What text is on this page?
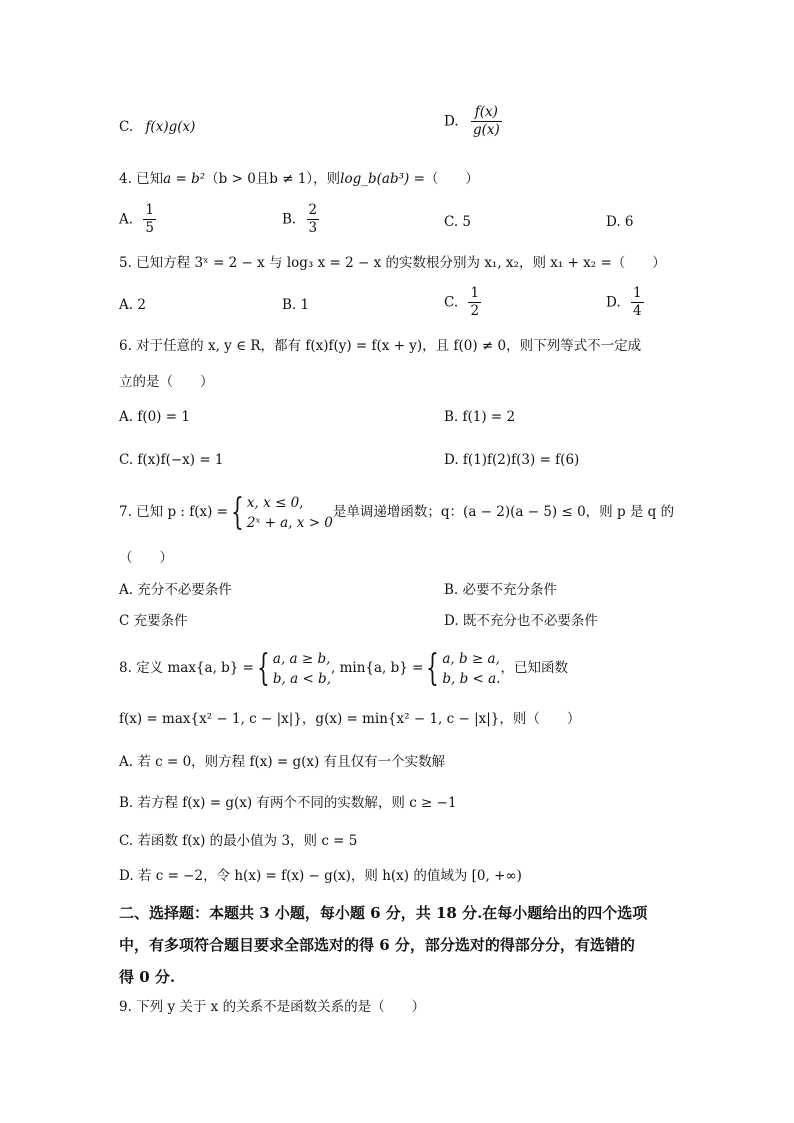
C. f(x)g(x)	D. $\frac{f(x)}{g(x)}$
4. 已知a = b²（b > 0且b ≠ 1），则log_b(ab³) =（　　）
A. $\frac{1}{5}$	B. $\frac{2}{3}$	C. 5	D. 6
5. 已知方程 3ˣ = 2 − x 与 log₃ x = 2 − x 的实数根分别为 x₁, x₂，则 x₁ + x₂ =（　　）
A. 2	B. 1	C. $\frac{1}{2}$	D. $\frac{1}{4}$
6. 对于任意的 x, y ∈ R，都有 f(x)f(y) = f(x + y)，且 f(0) ≠ 0，则下列等式不一定成
立的是（　　）
A. f(0) = 1	B. f(1) = 2
C. f(x)f(−x) = 1	D. f(1)f(2)f(3) = f(6)
7. 已知 p : f(x) ={ x, x ≤ 0,
2ˣ + a, x > 0
是单调递增函数；q：(a − 2)(a − 5) ≤ 0，则 p 是 q 的
（　　）
A. 充分不必要条件	B. 必要不充分条件
C 充要条件	D. 既不充分也不必要条件
8. 定义 max{a, b} ={ a, a ≥ b,
b, a < b,
, min{a, b} ={ a, b ≥ a,
b, b < a.
，已知函数
f(x) = max{x² − 1, c − |x|}，g(x) = min{x² − 1, c − |x|}，则（　　）
A. 若 c = 0，则方程 f(x) = g(x) 有且仅有一个实数解
B. 若方程 f(x) = g(x) 有两个不同的实数解，则 c ≥ −1
C. 若函数 f(x) 的最小值为 3，则 c = 5
D. 若 c = −2，令 h(x) = f(x) − g(x)，则 h(x) 的值域为 [0, +∞)
二、选择题：本题共 3 小题，每小题 6 分，共 18 分.在每小题给出的四个选项
中，有多项符合题目要求全部选对的得 6 分，部分选对的得部分分，有选错的
得 0 分.
9. 下列 y 关于 x 的关系不是函数关系的是（　　）
